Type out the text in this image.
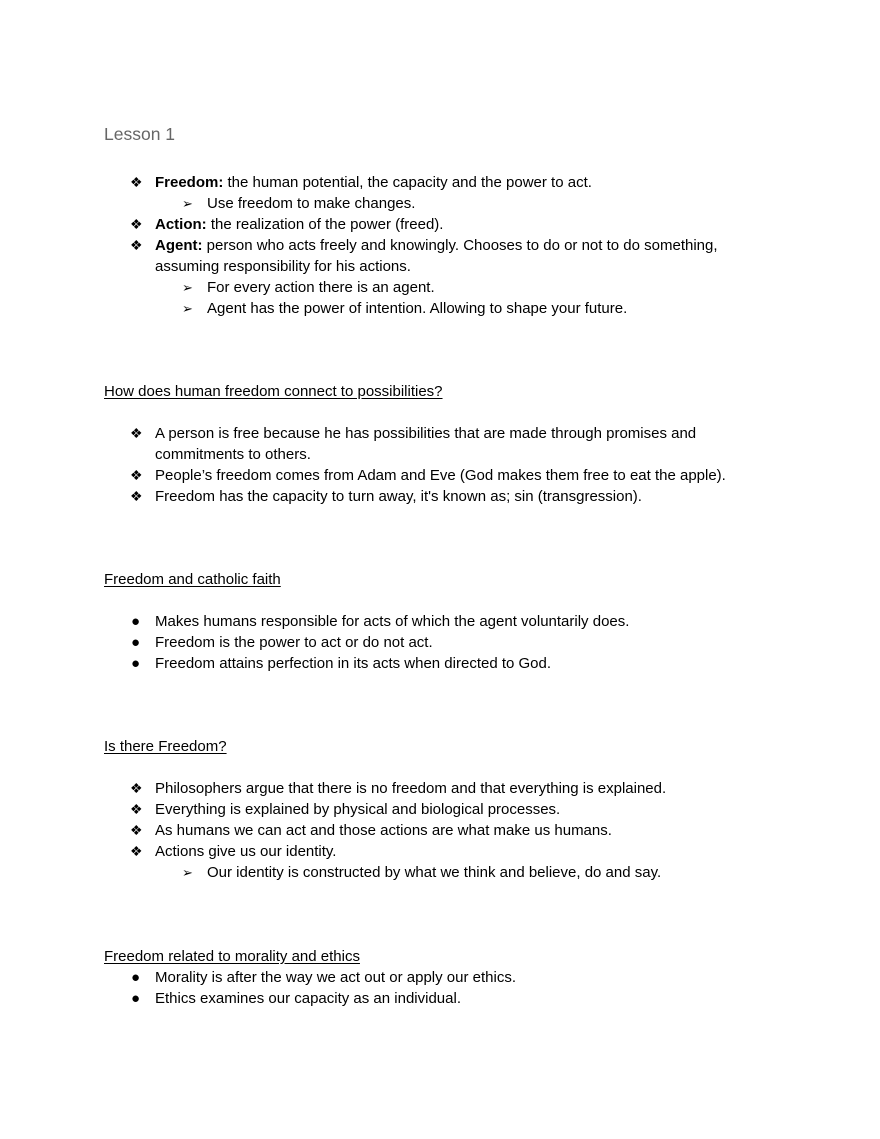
Lesson 1
❖ Freedom: the human potential, the capacity and the power to act.
➢ Use freedom to make changes.
❖ Action: the realization of the power (freed).
❖ Agent: person who acts freely and knowingly. Chooses to do or not to do something, assuming responsibility for his actions.
➢ For every action there is an agent.
➢ Agent has the power of intention. Allowing to shape your future.
How does human freedom connect to possibilities?
❖ A person is free because he has possibilities that are made through promises and commitments to others.
❖ People’s freedom comes from Adam and Eve (God makes them free to eat the apple).
❖ Freedom has the capacity to turn away, it's known as; sin (transgression).
Freedom and catholic faith
● Makes humans responsible for acts of which the agent voluntarily does.
● Freedom is the power to act or do not act.
● Freedom attains perfection in its acts when directed to God.
Is there Freedom?
❖ Philosophers argue that there is no freedom and that everything is explained.
❖ Everything is explained by physical and biological processes.
❖ As humans we can act and those actions are what make us humans.
❖ Actions give us our identity.
➢ Our identity is constructed by what we think and believe, do and say.
Freedom related to morality and ethics
● Morality is after the way we act out or apply our ethics.
● Ethics examines our capacity as an individual.
